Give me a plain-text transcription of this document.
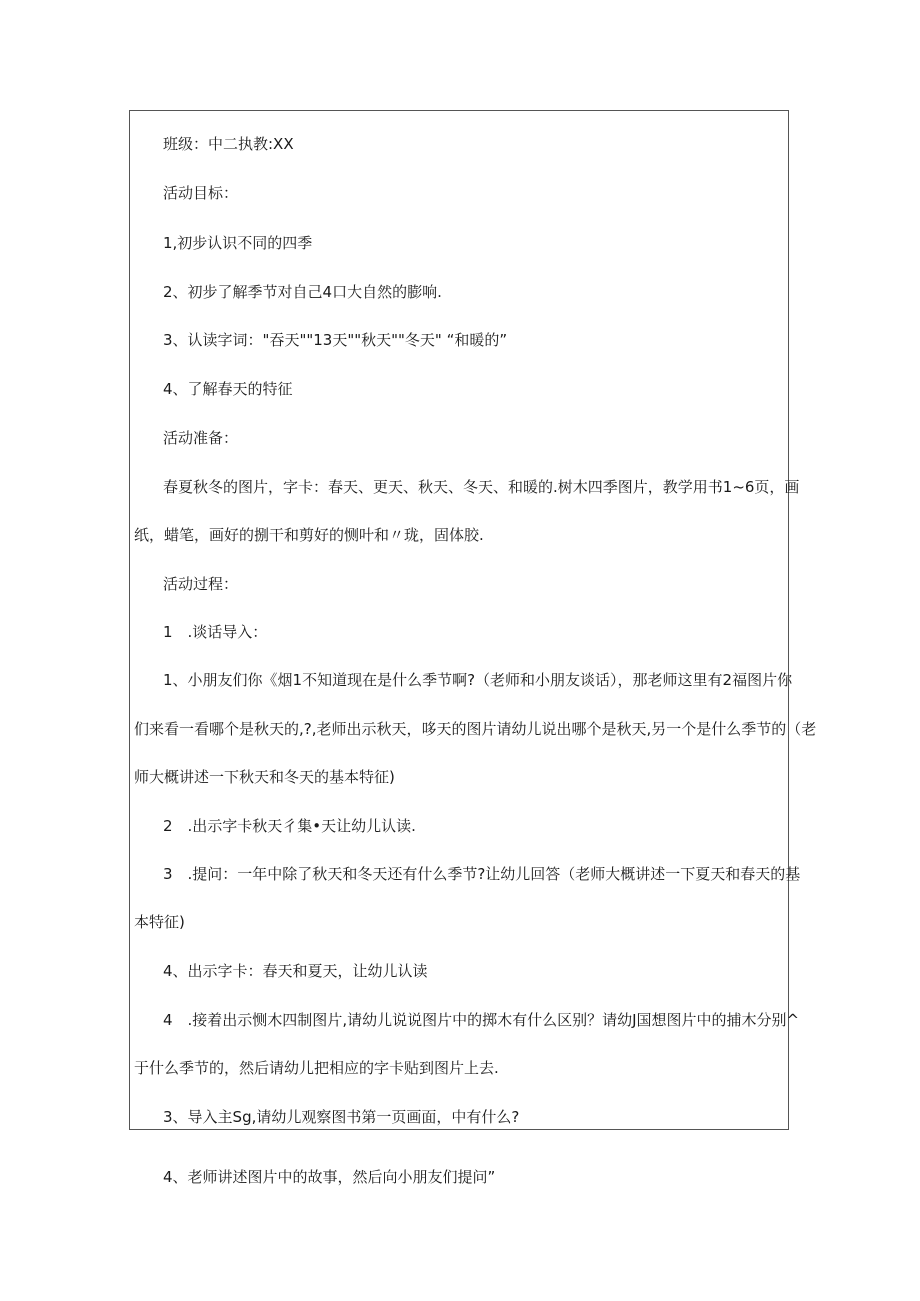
班级：中二执教:XX
活动目标：
1,初步认识不同的四季
2、初步了解季节对自己4口大自然的膨响.
3、认读字词："吞天""13天""秋天""冬天" “和暖的”
4、了解春天的特征
活动准备：
春夏秋冬的图片，字卡：春天、更天、秋天、冬天、和暖的.树木四季图片，教学用书1~6页，画
纸，蜡笔，画好的捌干和剪好的恻叶和〃珑，固体胶.
活动过程：
1　.谈话导入：
1、小朋友们你《烟1不知道现在是什么季节啊?（老师和小朋友谈话），那老师这里有2福图片你
们来看一看哪个是秋天的,?,老师出示秋天，哆天的图片请幼儿说出哪个是秋天,另一个是什么季节的（老
师大概讲述一下秋天和冬天的基本特征)
2　.出示字卡秋天彳集•天让幼儿认读.
3　.提问：一年中除了秋天和冬天还有什么季节?让幼儿回答（老师大概讲述一下夏天和春天的基
本特征)
4、出示字卡：春天和夏天，让幼儿认读
4　.接着出示恻木四制图片,请幼儿说说图片中的掷木有什么区别？请幼J国想图片中的捕木分别^
于什么季节的，然后请幼儿把相应的字卡贴到图片上去.
3、导入主Sg,请幼儿观察图书第一页画面，中有什么?
4、老师讲述图片中的故事，然后向小朋友们提问”
